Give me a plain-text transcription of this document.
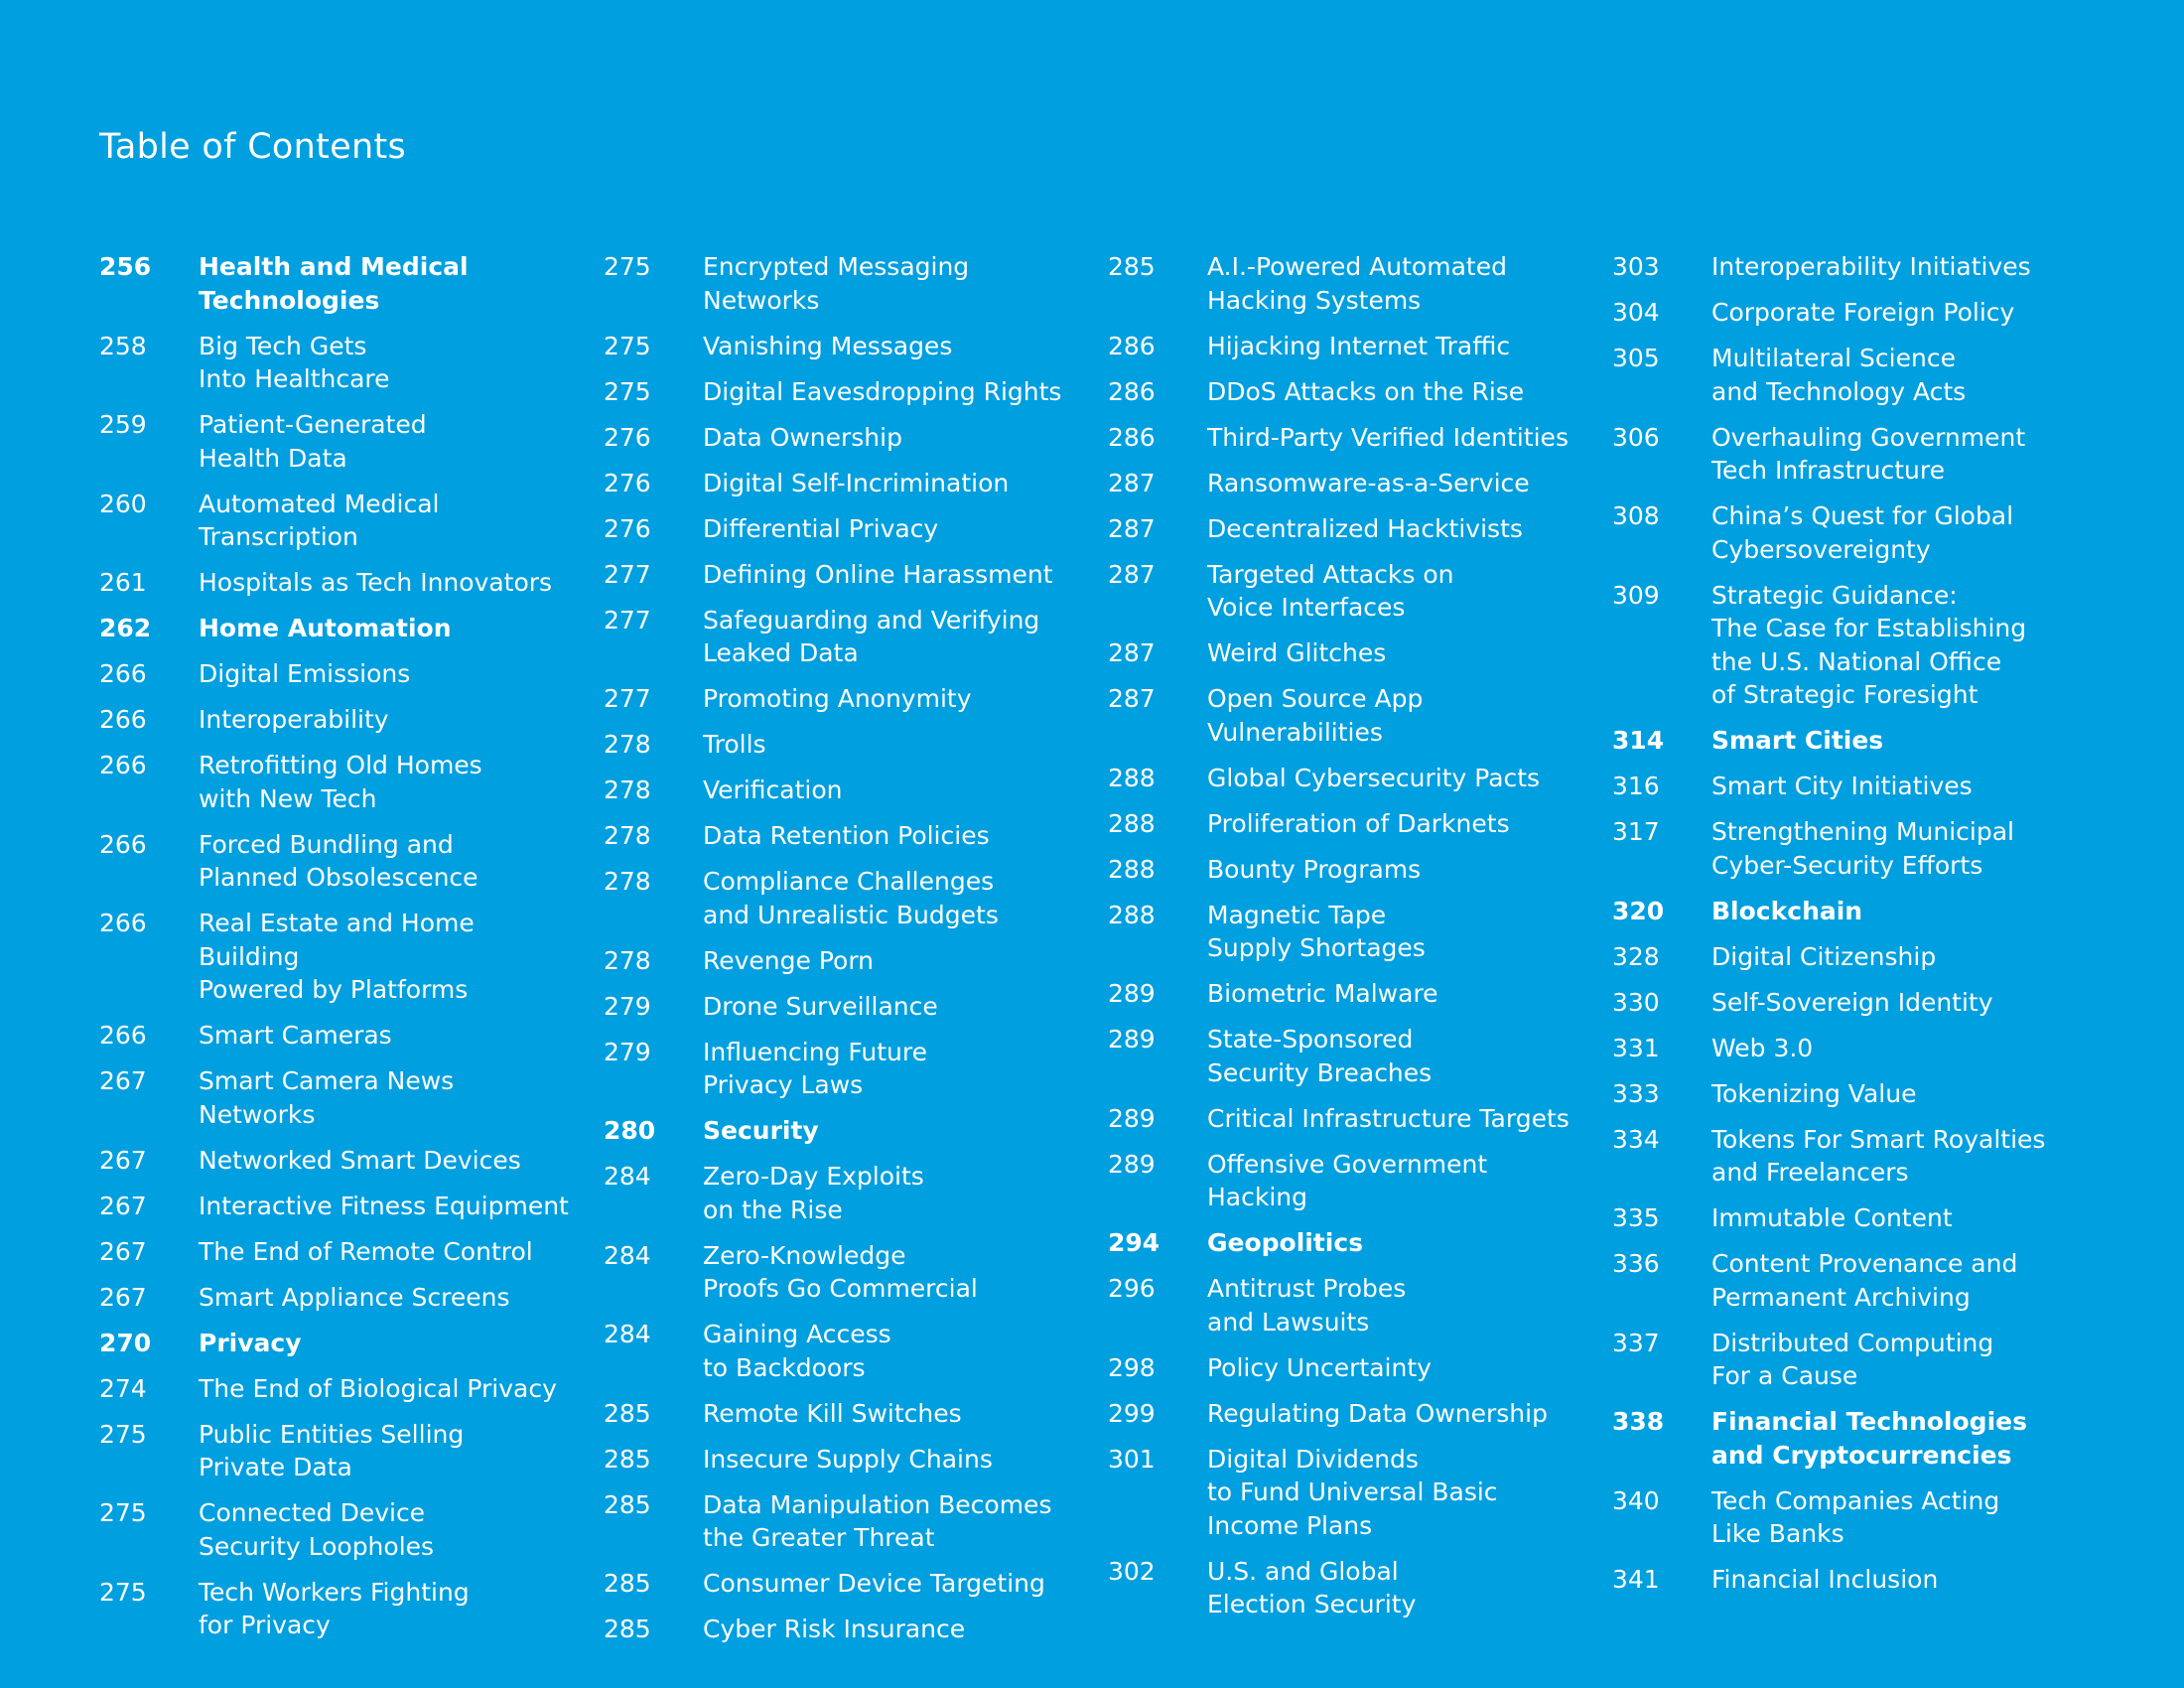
Table of Contents
256	Health and Medical
Technologies
258	Big Tech Gets
Into Healthcare
259	Patient-Generated
Health Data
260	Automated Medical
Transcription
261	Hospitals as Tech Innovators
262	Home Automation
266	Digital Emissions
266	Interoperability
266	Retrofitting Old Homes
with New Tech
266	Forced Bundling and
Planned Obsolescence
266	Real Estate and Home Building
Powered by Platforms
266	Smart Cameras
267	Smart Camera News Networks
267	Networked Smart Devices
267	Interactive Fitness Equipment
267	The End of Remote Control
267	Smart Appliance Screens
270	Privacy
274	The End of Biological Privacy
275	Public Entities Selling
Private Data
275	Connected Device
Security Loopholes
275	Tech Workers Fighting
for Privacy
275	Encrypted Messaging Networks
275	Vanishing Messages
275	Digital Eavesdropping Rights
276	Data Ownership
276	Digital Self-Incrimination
276	Differential Privacy
277	Defining Online Harassment
277	Safeguarding and Verifying
Leaked Data
277	Promoting Anonymity
278	Trolls
278	Verification
278	Data Retention Policies
278	Compliance Challenges
and Unrealistic Budgets
278	Revenge Porn
279	Drone Surveillance
279	Influencing Future
Privacy Laws
280	Security
284	Zero-Day Exploits
on the Rise
284	Zero-Knowledge
Proofs Go Commercial
284	Gaining Access
to Backdoors
285	Remote Kill Switches
285	Insecure Supply Chains
285	Data Manipulation Becomes
the Greater Threat
285	Consumer Device Targeting
285	Cyber Risk Insurance
285	A.I.-Powered Automated
Hacking Systems
286	Hijacking Internet Traffic
286	DDoS Attacks on the Rise
286	Third-Party Verified Identities
287	Ransomware-as-a-Service
287	Decentralized Hacktivists
287	Targeted Attacks on
Voice Interfaces
287	Weird Glitches
287	Open Source App
Vulnerabilities
288	Global Cybersecurity Pacts
288	Proliferation of Darknets
288	Bounty Programs
288	Magnetic Tape
Supply Shortages
289	Biometric Malware
289	State-Sponsored
Security Breaches
289	Critical Infrastructure Targets
289	Offensive Government Hacking
294	Geopolitics
296	Antitrust Probes
and Lawsuits
298	Policy Uncertainty
299	Regulating Data Ownership
301	Digital Dividends
to Fund Universal Basic
Income Plans
302	U.S. and Global
Election Security
303	Interoperability Initiatives
304	Corporate Foreign Policy
305	Multilateral Science
and Technology Acts
306	Overhauling Government
Tech Infrastructure
308	China’s Quest for Global
Cybersovereignty
309	Strategic Guidance:
The Case for Establishing
the U.S. National Office
of Strategic Foresight
314	Smart Cities
316	Smart City Initiatives
317	Strengthening Municipal
Cyber-Security Efforts
320	Blockchain
328	Digital Citizenship
330	Self-Sovereign Identity
331	Web 3.0
333	Tokenizing Value
334	Tokens For Smart Royalties
and Freelancers
335	Immutable Content
336	Content Provenance and
Permanent Archiving
337	Distributed Computing
For a Cause
338	Financial Technologies
and Cryptocurrencies
340	Tech Companies Acting
Like Banks
341	Financial Inclusion
